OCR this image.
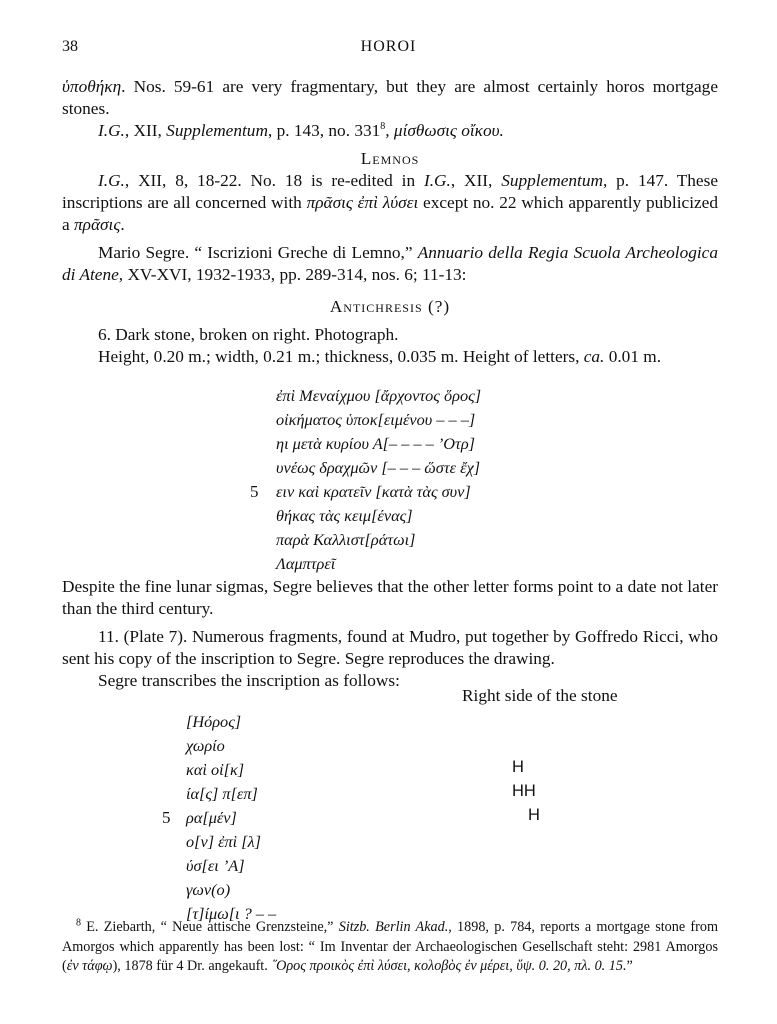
38	HOROI

ὑποθήκη. Nos. 59-61 are very fragmentary, but they are almost certainly horos mortgage stones.

I.G., XII, Supplementum, p. 143, no. $331^8$, μίσθωσις οἴκου.

Lemnos

I.G., XII, 8, 18-22. No. 18 is re-edited in I.G., XII, Supplementum, p. 147. These inscriptions are all concerned with πρᾶσις ἐπὶ λύσει except no. 22 which apparently publicized a πρᾶσις.

Mario Segre. “ Iscrizioni Greche di Lemno,” Annuario della Regia Scuola Archeologica di Atene, XV-XVI, 1932-1933, pp. 289-314, nos. 6; 11-13:

Antichresis (?)

6. Dark stone, broken on right. Photograph.

Height, 0.20 m.; width, 0.21 m.; thickness, 0.035 m. Height of letters, ca. 0.01 m.

ἐπὶ Μεναίχμου [ἄρχοντος ὅρος]
οἰκήματος ὑποκ[ειμένου – – –]
ηι μετὰ κυρίου Α[– – – – ’Οτρ]
υνέως δραχμῶν [– – – ὥστε ἔχ]
ειν καὶ κρατεῖν [κατὰ τὰς συν]
θήκας τὰς κειμ[ένας]
παρὰ Καλλιστ[ράτωι]
Λαμπτρεῖ
5

Despite the fine lunar sigmas, Segre believes that the other letter forms point to a date not later than the third century.

11. (Plate 7). Numerous fragments, found at Mudro, put together by Goffredo Ricci, who sent his copy of the inscription to Segre. Segre reproduces the drawing.

Segre transcribes the inscription as follows:

Right side of the stone
[Ηόρος]
χωρίο
καὶ οἰ[κ]
ία[ς] π[επ]
ρα[μέν]
ο[ν] ἐπὶ [λ]
ύσ[ει ’Α]
γων(ο)
[τ]ίμω[ι ? – –
5
H
HH
H

$^8$ E. Ziebarth, “ Neue attische Grenzsteine,” Sitzb. Berlin Akad., 1898, p. 784, reports a mortgage stone from Amorgos which apparently has been lost: “ Im Inventar der Archaeologischen Gesellschaft steht: 2981 Amorgos (ἐν τάφῳ), 1878 für 4 Dr. angekauft. ῞Ορος προικὸς ἐπὶ λύσει, κολοβὸς ἐν μέρει, ὕψ. 0. 20, πλ. 0. 15.”
